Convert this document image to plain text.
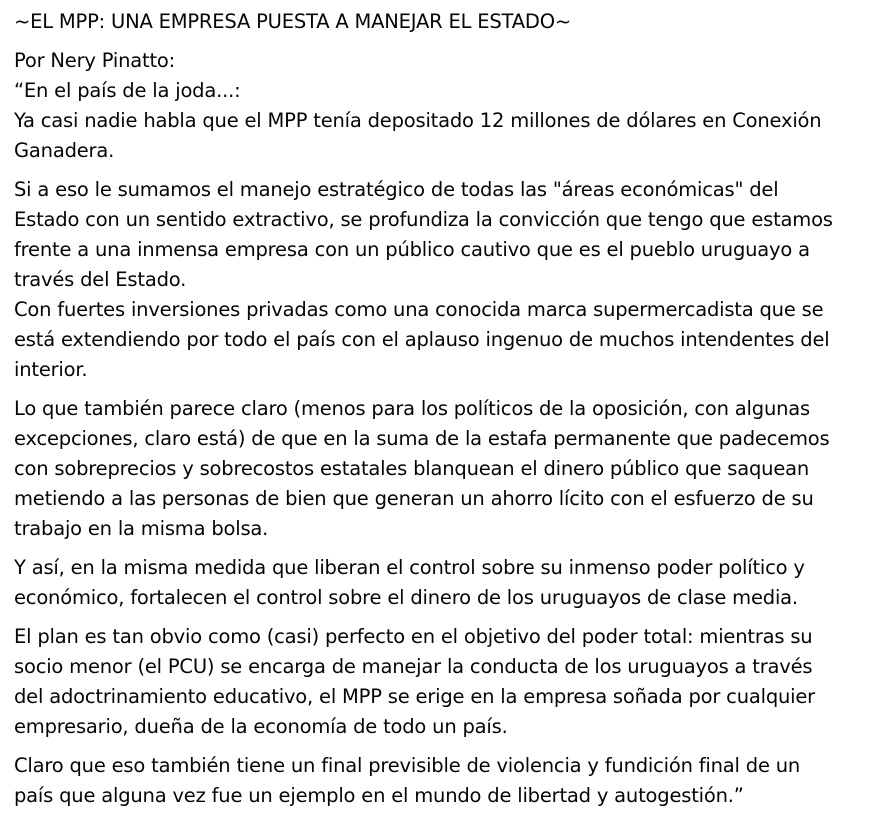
~EL MPP: UNA EMPRESA PUESTA A MANEJAR EL ESTADO~

Por Nery Pinatto:
“En el país de la joda...:
Ya casi nadie habla que el MPP tenía depositado 12 millones de dólares en Conexión
Ganadera.

Si a eso le sumamos el manejo estratégico de todas las "áreas económicas" del
Estado con un sentido extractivo, se profundiza la convicción que tengo que estamos
frente a una inmensa empresa con un público cautivo que es el pueblo uruguayo a
través del Estado.
Con fuertes inversiones privadas como una conocida marca supermercadista que se
está extendiendo por todo el país con el aplauso ingenuo de muchos intendentes del
interior.

Lo que también parece claro (menos para los políticos de la oposición, con algunas
excepciones, claro está) de que en la suma de la estafa permanente que padecemos
con sobreprecios y sobrecostos estatales blanquean el dinero público que saquean
metiendo a las personas de bien que generan un ahorro lícito con el esfuerzo de su
trabajo en la misma bolsa.

Y así, en la misma medida que liberan el control sobre su inmenso poder político y
económico, fortalecen el control sobre el dinero de los uruguayos de clase media.

El plan es tan obvio como (casi) perfecto en el objetivo del poder total: mientras su
socio menor (el PCU) se encarga de manejar la conducta de los uruguayos a través
del adoctrinamiento educativo, el MPP se erige en la empresa soñada por cualquier
empresario, dueña de la economía de todo un país.

Claro que eso también tiene un final previsible de violencia y fundición final de un
país que alguna vez fue un ejemplo en el mundo de libertad y autogestión.”
